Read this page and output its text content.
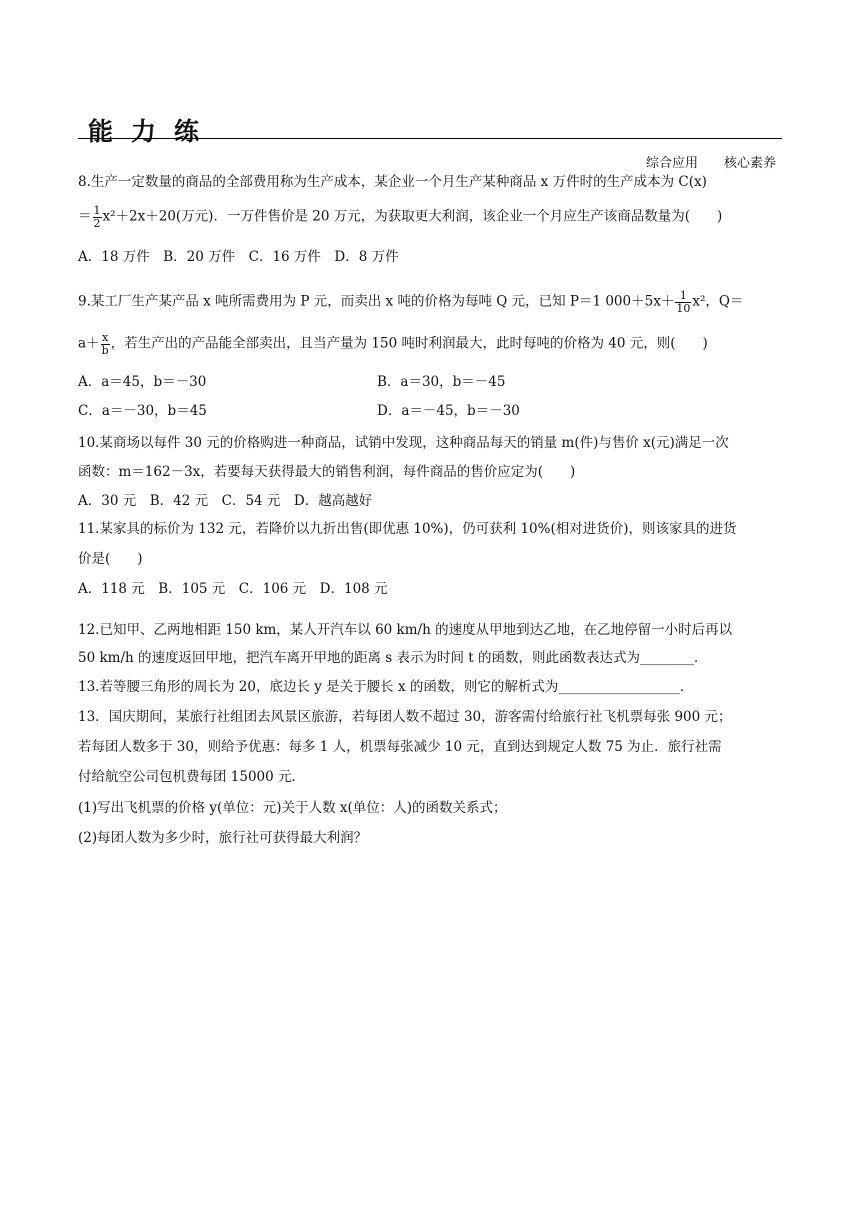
能力练
综合应用 核心素养
8.生产一定数量的商品的全部费用称为生产成本，某企业一个月生产某种商品 x 万件时的生产成本为 C(x)
＝ $\frac{1}{2} x^2+2x+20$(万元)．一万件售价是 20 万元，为获取更大利润，该企业一个月应生产该商品数量为(　　)
A．18 万件　B．20 万件　C．16 万件　D．8 万件
9.某工厂生产某产品 x 吨所需费用为 P 元，而卖出 x 吨的价格为每吨 Q 元，已知 P＝1 $000+5x+ \frac{1}{10} x^2$，Q＝
$a+ \frac{x}{b}$ ，若生产出的产品能全部卖出，且当产量为 150 吨时利润最大，此时每吨的价格为 40 元，则(　　)
A．a＝45，b＝－30	B．a＝30，b＝－45
C．a＝－30，b＝45	D．a＝－45，b＝－30
10.某商场以每件 30 元的价格购进一种商品，试销中发现，这种商品每天的销量 m(件)与售价 x(元)满足一次
函数：m＝162－3x，若要每天获得最大的销售利润，每件商品的售价应定为(　　)
A．30 元　B．42 元　C．54 元　D．越高越好
11.某家具的标价为 132 元，若降价以九折出售(即优惠 10%)，仍可获利 10%(相对进货价)，则该家具的进货
价是(　　)
A．118 元　B．105 元　C．106 元　D．108 元
12.已知甲、乙两地相距 150 km，某人开汽车以 60 km/h 的速度从甲地到达乙地，在乙地停留一小时后再以
50 km/h 的速度返回甲地，把汽车离开甲地的距离 s 表示为时间 t 的函数，则此函数表达式为________．
13.若等腰三角形的周长为 20，底边长 y 是关于腰长 x 的函数，则它的解析式为__________________．
13．国庆期间，某旅行社组团去风景区旅游，若每团人数不超过 30，游客需付给旅行社飞机票每张 900 元；
若每团人数多于 30，则给予优惠：每多 1 人，机票每张减少 10 元，直到达到规定人数 75 为止．旅行社需
付给航空公司包机费每团 15000 元．
(1)写出飞机票的价格 y(单位：元)关于人数 x(单位：人)的函数关系式；
(2)每团人数为多少时，旅行社可获得最大利润？
